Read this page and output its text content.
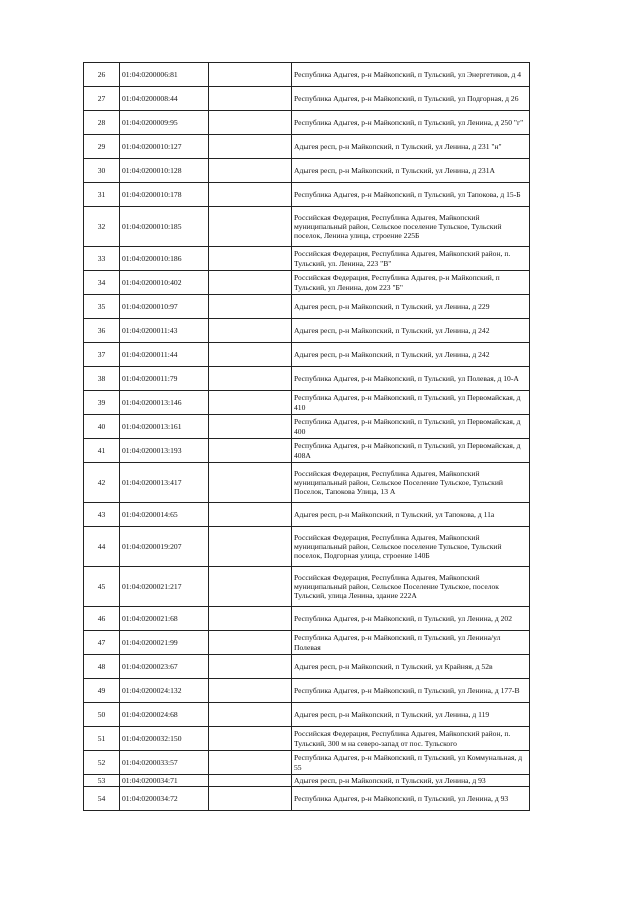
26	01:04:0200006:81		Республика Адыгея, р-н Майкопский, п Тульский, ул Энергетиков, д 4
27	01:04:0200008:44		Республика Адыгея, р-н Майкопский, п Тульский, ул Подгорная, д 26
28	01:04:0200009:95		Республика Адыгея, р-н Майкопский, п Тульский, ул Ленина, д 250 "г"
29	01:04:0200010:127		Адыгея респ, р-н Майкопский, п Тульский, ул Ленина, д 231 "н"
30	01:04:0200010:128		Адыгея респ, р-н Майкопский, п Тульский, ул Ленина, д 231А
31	01:04:0200010:178		Республика Адыгея, р-н Майкопский, п Тульский, ул Тапокова, д 15-Б
32	01:04:0200010:185		Российская Федерация, Республика Адыгея, Майкопский муниципальный район, Сельское поселение Тульское, Тульский поселок, Ленина улица, строение 225Б
33	01:04:0200010:186		Российская Федерация, Республика Адыгея, Майкопский район, п. Тульский, ул. Ленина, 223 "В"
34	01:04:0200010:402		Российская Федерация, Республика Адыгея, р-н Майкопский, п Тульский, ул Ленина, дом 223 "Б"
35	01:04:0200010:97		Адыгея респ, р-н Майкопский, п Тульский, ул Ленина, д 229
36	01:04:0200011:43		Адыгея респ, р-н Майкопский, п Тульский, ул Ленина, д 242
37	01:04:0200011:44		Адыгея респ, р-н Майкопский, п Тульский, ул Ленина, д 242
38	01:04:0200011:79		Республика Адыгея, р-н Майкопский, п Тульский, ул Полевая, д 10-А
39	01:04:0200013:146		Республика Адыгея, р-н Майкопский, п Тульский, ул Первомайская, д 410
40	01:04:0200013:161		Республика Адыгея, р-н Майкопский, п Тульский, ул Первомайская, д 400
41	01:04:0200013:193		Республика Адыгея, р-н Майкопский, п Тульский, ул Первомайская, д 408А
42	01:04:0200013:417		Российская Федерация, Республика Адыгея, Майкопский муниципальный район, Сельское Поселение Тульское, Тульский Поселок, Тапокова Улица, 13 А
43	01:04:0200014:65		Адыгея респ, р-н Майкопский, п Тульский, ул Тапокова, д 11а
44	01:04:0200019:207		Российская Федерация, Республика Адыгея, Майкопский муниципальный район, Сельское поселение Тульское, Тульский поселок, Подгорная улица, строение 140Б
45	01:04:0200021:217		Российская Федерация, Республика Адыгея, Майкопский муниципальный район, Сельское Поселение Тульское, поселок Тульский, улица Ленина, здание 222А
46	01:04:0200021:68		Республика Адыгея, р-н Майкопский, п Тульский, ул Ленина, д 202
47	01:04:0200021:99		Республика Адыгея, р-н Майкопский, п Тульский, ул Ленина/ул Полевая
48	01:04:0200023:67		Адыгея респ, р-н Майкопский, п Тульский, ул Крайняя, д 52в
49	01:04:0200024:132		Республика Адыгея, р-н Майкопский, п Тульский, ул Ленина, д 177-В
50	01:04:0200024:68		Адыгея респ, р-н Майкопский, п Тульский, ул Ленина, д 119
51	01:04:0200032:150		Российская Федерация, Республика Адыгея, Майкопский район, п. Тульский, 300 м на северо-запад от пос. Тульского
52	01:04:0200033:57		Республика Адыгея, р-н Майкопский, п Тульский, ул Коммунальная, д 55
53	01:04:0200034:71		Адыгея респ, р-н Майкопский, п Тульский, ул Ленина, д 93
54	01:04:0200034:72		Республика Адыгея, р-н Майкопский, п Тульский, ул Ленина, д 93
